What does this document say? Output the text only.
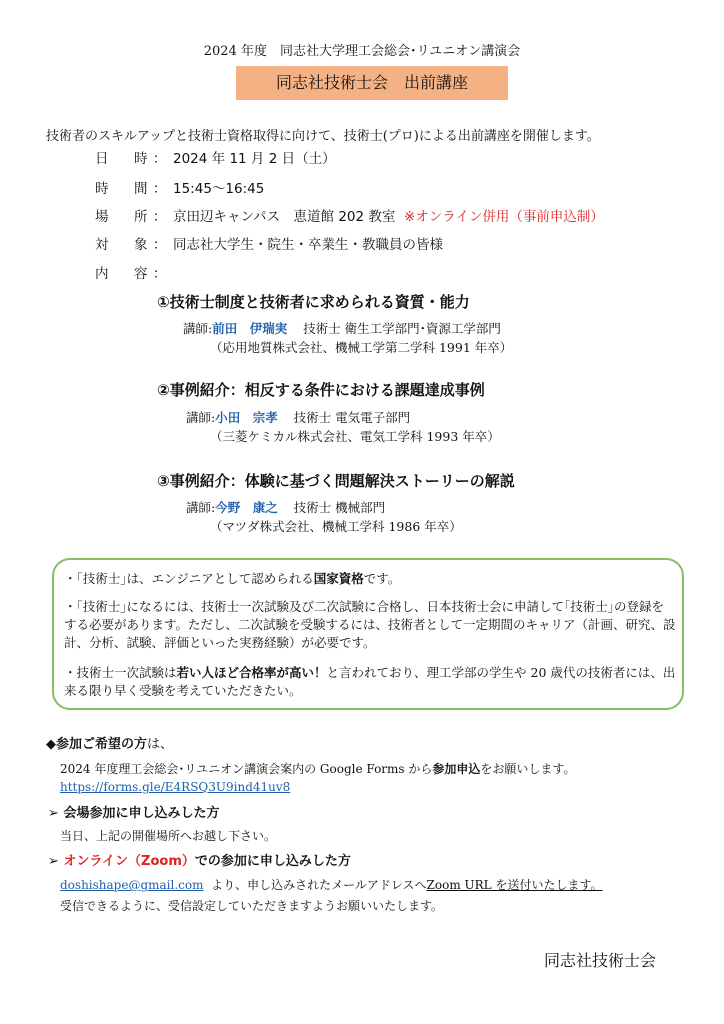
2024 年度　同志社大学理工会総会･リユニオン講演会
同志社技術士会　出前講座
技術者のスキルアップと技術士資格取得に向けて、技術士(プロ)による出前講座を開催します。
日　時： 2024 年 11 月 2 日（土）
時　間： 15:45〜16:45
場　所： 京田辺キャンパス　恵道館 202 教室 ※オンライン併用（事前申込制）
対　象： 同志社大学生・院生・卒業生・教職員の皆様
内　容：
①技術士制度と技術者に求められる資質・能力
講師:前田　伊瑞実 技術士 衛生工学部門･資源工学部門
（応用地質株式会社、機械工学第二学科 1991 年卒）
②事例紹介：相反する条件における課題達成事例
講師:小田　宗孝 技術士 電気電子部門
（三菱ケミカル株式会社、電気工学科 1993 年卒）
③事例紹介：体験に基づく問題解決ストーリーの解説
講師:今野　康之 技術士 機械部門
（マツダ株式会社、機械工学科 1986 年卒）
・｢技術士｣は、エンジニアとして認められる国家資格です。
・｢技術士｣になるには、技術士一次試験及び二次試験に合格し、日本技術士会に申請して｢技術士｣の登録をする必要があります。ただし、二次試験を受験するには、技術者として一定期間のキャリア（計画、研究、設計、分析、試験、評価といった実務経験）が必要です。
・技術士一次試験は若い人ほど合格率が高い！と言われており、理工学部の学生や 20 歳代の技術者には、出来る限り早く受験を考えていただきたい。
◆参加ご希望の方は、
2024 年度理工会総会･リユニオン講演会案内の Google Forms から参加申込をお願いします。
https://forms.gle/E4RSQ3U9ind41uv8
➢ 会場参加に申し込みした方
当日、上記の開催場所へお越し下さい。
➢ オンライン（Zoom）での参加に申し込みした方
doshishape@gmail.com より、申し込みされたメールアドレスへZoom URL を送付いたします。
受信できるように、受信設定していただきますようお願いいたします。
同志社技術士会
